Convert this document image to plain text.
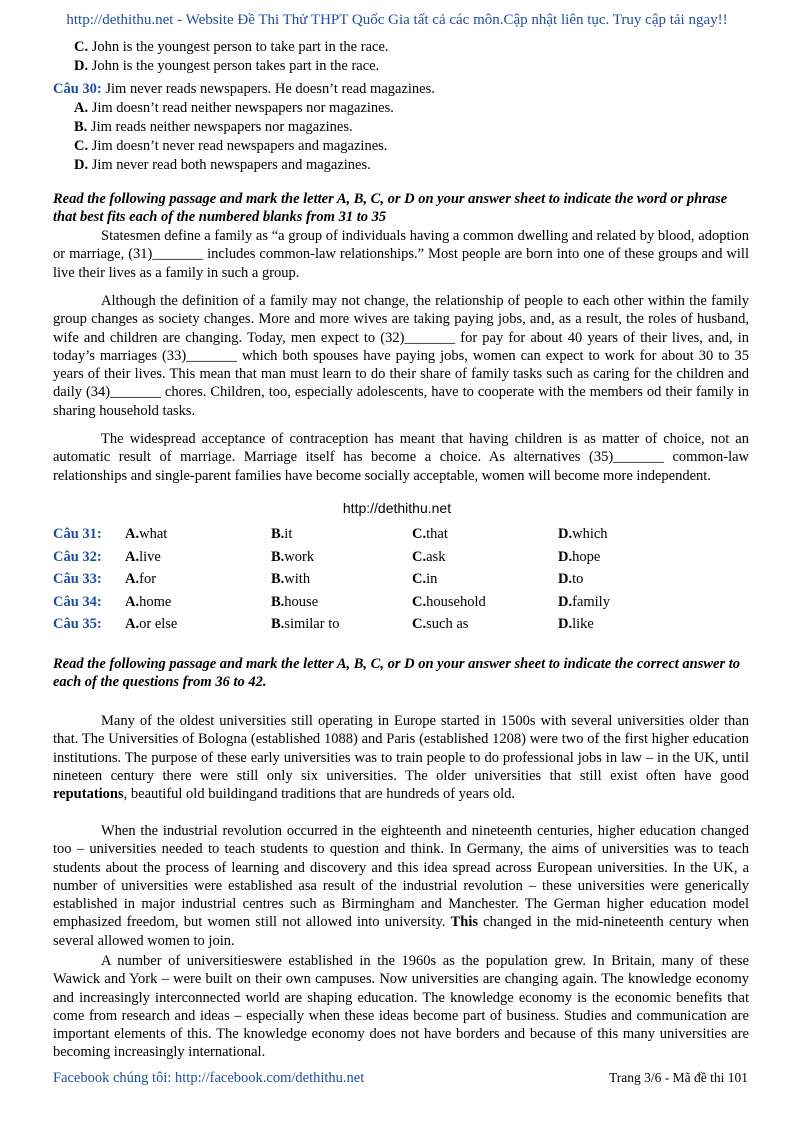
http://dethithu.net - Website Đề Thi Thử THPT Quốc Gia tất cả các môn.Cập nhật liên tục. Truy cập tải ngay!!
C. John is the youngest person to take part in the race.
D. John is the youngest person takes part in the race.
Câu 30: Jim never reads newspapers. He doesn’t read magazines.
A. Jim doesn’t read neither newspapers nor magazines.
B. Jim reads neither newspapers nor magazines.
C. Jim doesn’t never read newspapers and magazines.
D. Jim never read both newspapers and magazines.
Read the following passage and mark the letter A, B, C, or D on your answer sheet to indicate the word or phrase that best fits each of the numbered blanks from 31 to 35

Statesmen define a family as “a group of individuals having a common dwelling and related by blood, adoption or marriage, (31)_______ includes common-law relationships.” Most people are born into one of these groups and will live their lives as a family in such a group.

Although the definition of a family may not change, the relationship of people to each other within the family group changes as society changes. More and more wives are taking paying jobs, and, as a result, the roles of husband, wife and children are changing. Today, men expect to (32)_______ for pay for about 40 years of their lives, and, in today’s marriages (33)_______ which both spouses have paying jobs, women can expect to work for about 30 to 35 years of their lives. This mean that man must learn to do their share of family tasks such as caring for the children and daily (34)_______ chores. Children, too, especially adolescents, have to cooperate with the members od their family in sharing household tasks.

The widespread acceptance of contraception has meant that having children is as matter of choice, not an automatic result of marriage. Marriage itself has become a choice. As alternatives (35)_______ common-law relationships and single-parent families have become socially acceptable, women will become more independent.

http://dethithu.net
Câu 31: A. what	B. it	C. that	D. which
Câu 32: A. live	B. work	C. ask	D. hope
Câu 33: A. for	B. with	C. in	D. to
Câu 34: A. home	B. house	C. household	D. family
Câu 35: A. or else	B. similar to	C. such as	D. like
Read the following passage and mark the letter A, B, C, or D on your answer sheet to indicate the correct answer to each of the questions from 36 to 42.

Many of the oldest universities still operating in Europe started in 1500s with several universities older than that. The Universities of Bologna (established 1088) and Paris (established 1208) were two of the first higher education institutions. The purpose of these early universities was to train people to do professional jobs in law – in the UK, until nineteen century there were still only six universities. The older universities that still exist often have good reputations, beautiful old buildingand traditions that are hundreds of years old.

When the industrial revolution occurred in the eighteenth and nineteenth centuries, higher education changed too – universities needed to teach students to question and think. In Germany, the aims of universities was to teach students about the process of learning and discovery and this idea spread across European universities. In the UK, a number of universities were established asa result of the industrial revolution – these universities were generically established in major industrial centres such as Birmingham and Manchester. The German higher education model emphasized freedom, but women still not allowed into university. This changed in the mid-nineteenth century when several allowed women to join.

A number of universitieswere established in the 1960s as the population grew. In Britain, many of these Wawick and York – were built on their own campuses. Now universities are changing again. The knowledge economy and increasingly interconnected world are shaping education. The knowledge economy is the economic benefits that come from research and ideas – especially when these ideas become part of business. Studies and communication are important elements of this. The knowledge economy does not have borders and because of this many universities are becoming increasingly international.

Facebook chúng tôi: http://facebook.com/dethithu.net	Trang 3/6 - Mã đề thi 101
